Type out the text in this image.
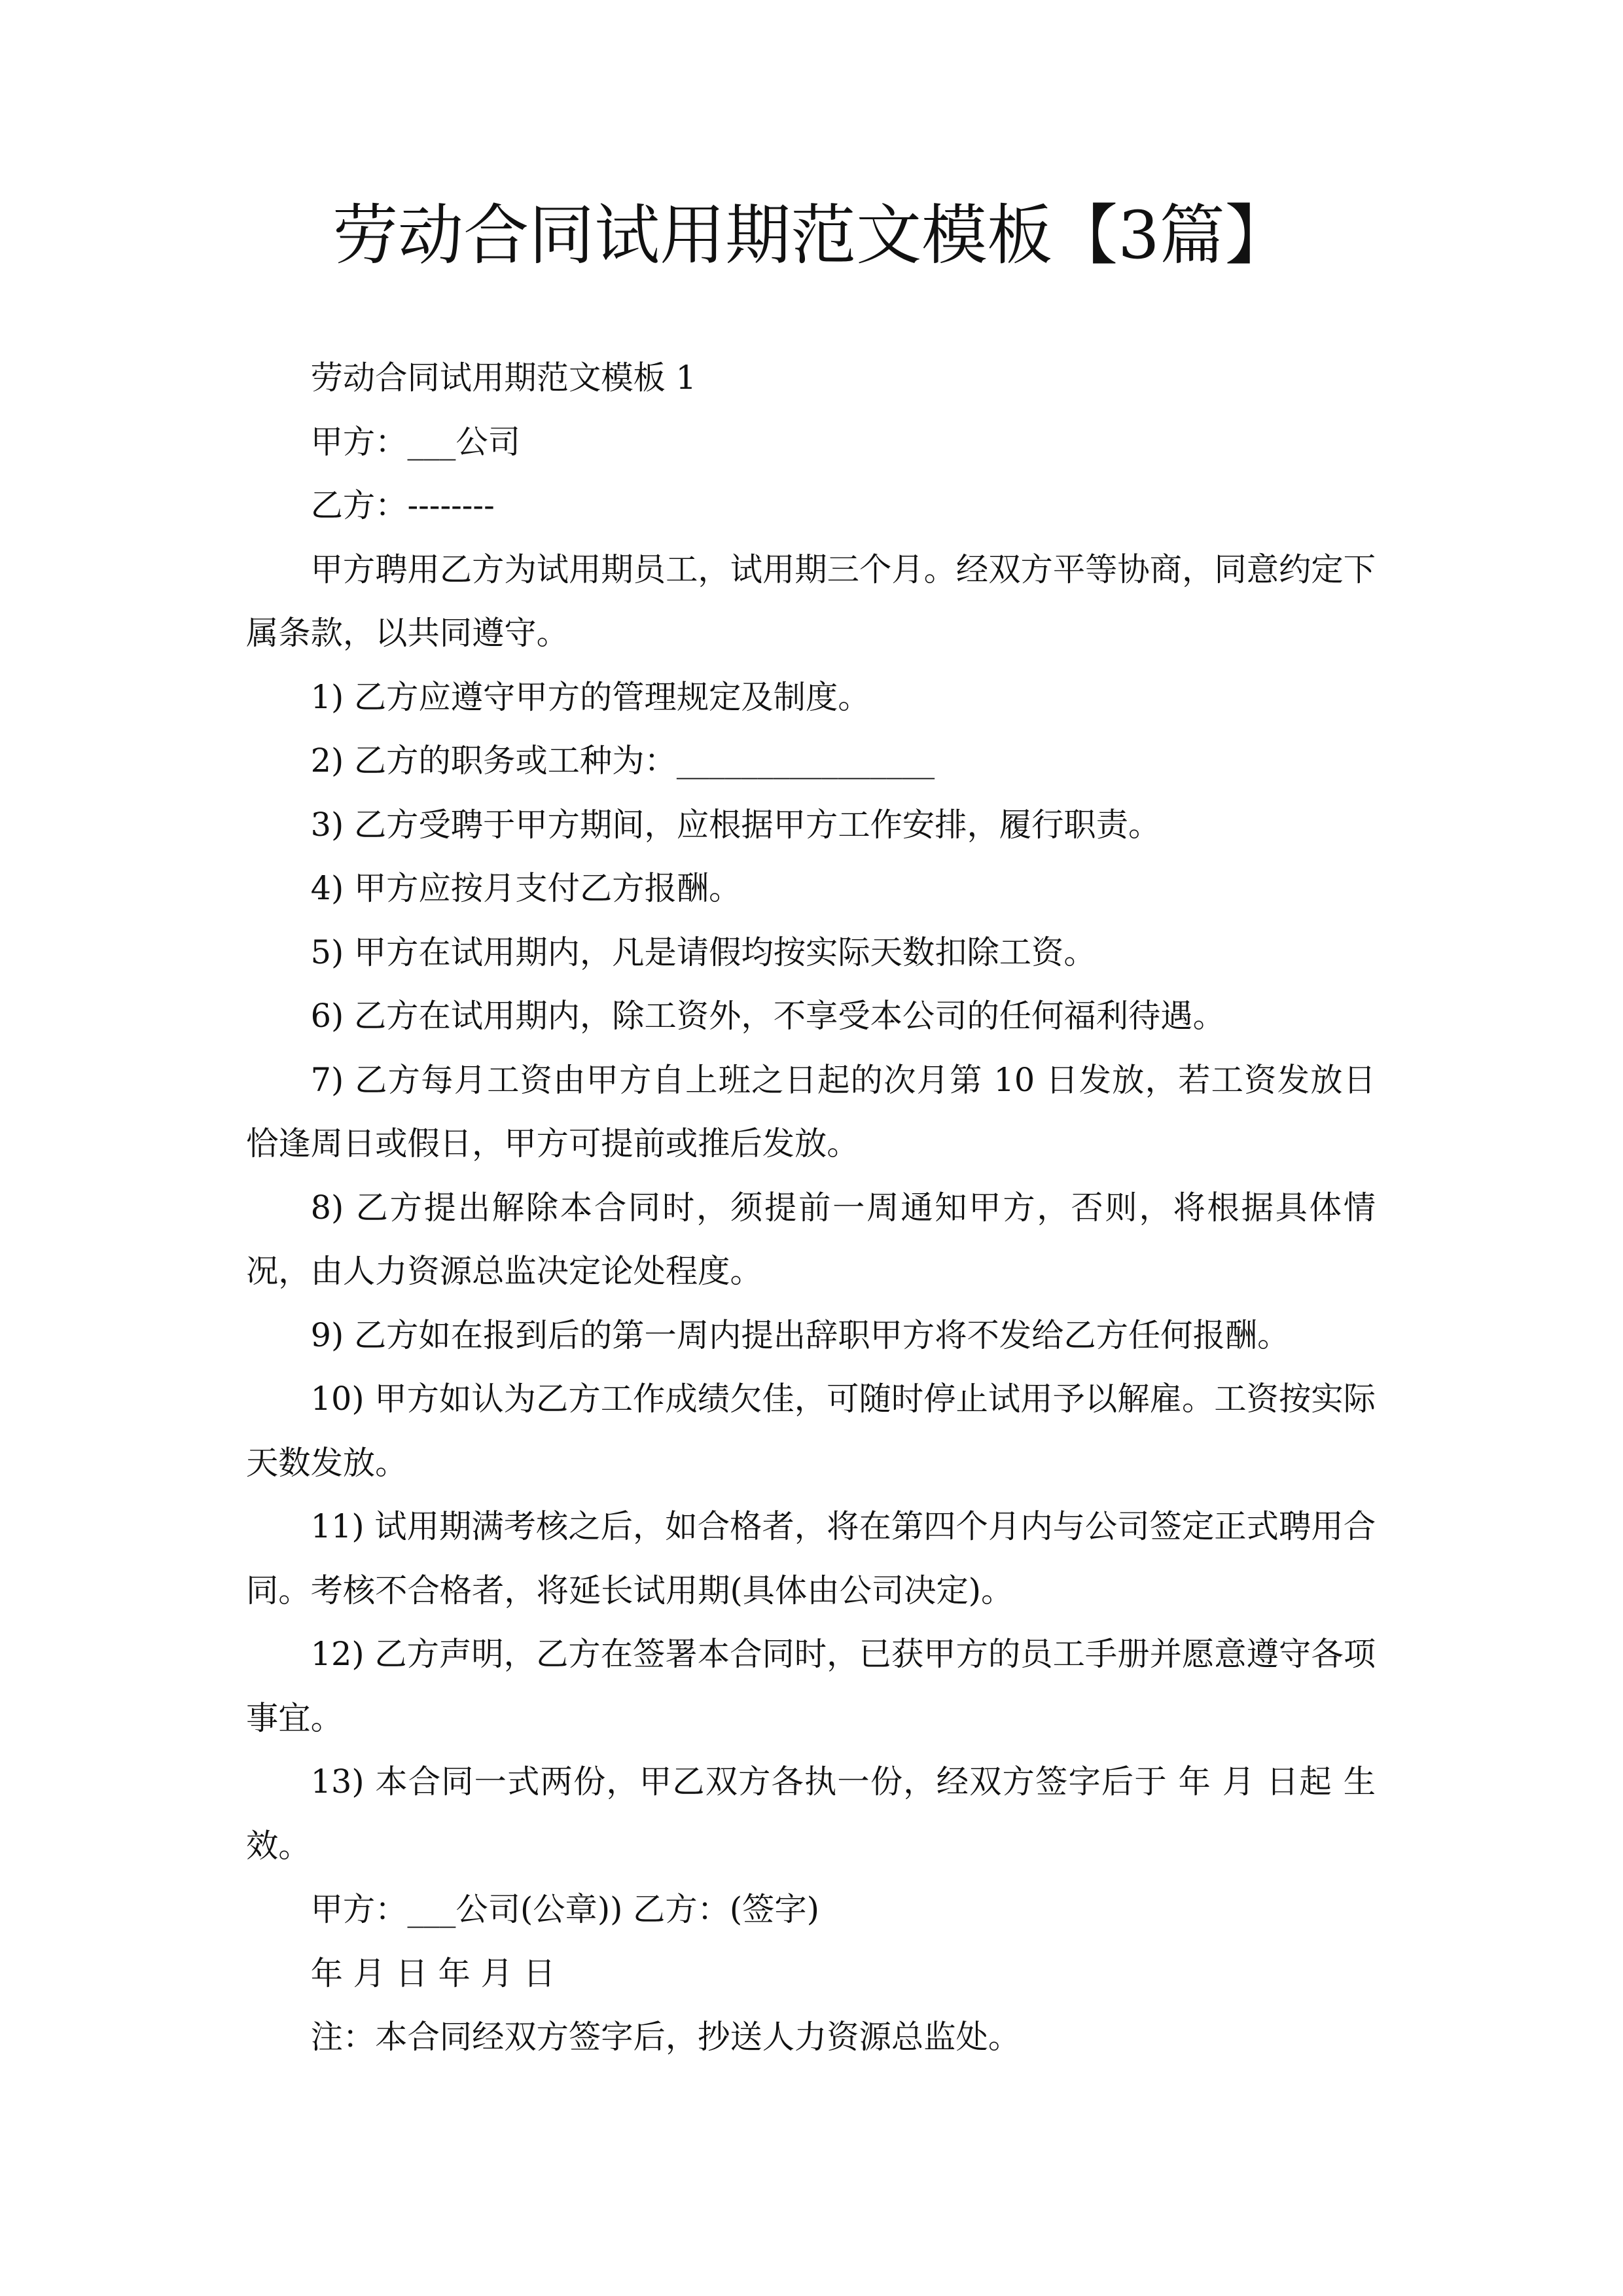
劳动合同试用期范文模板【3篇】

劳动合同试用期范文模板 1

甲方：___公司

乙方：--------

甲方聘用乙方为试用期员工，试用期三个月。经双方平等协商，同意约定下属条款，以共同遵守。

1) 乙方应遵守甲方的管理规定及制度。

2) 乙方的职务或工种为：________________

3) 乙方受聘于甲方期间，应根据甲方工作安排，履行职责。

4) 甲方应按月支付乙方报酬。

5) 甲方在试用期内，凡是请假均按实际天数扣除工资。

6) 乙方在试用期内，除工资外，不享受本公司的任何福利待遇。

7) 乙方每月工资由甲方自上班之日起的次月第 10 日发放，若工资发放日恰逢周日或假日，甲方可提前或推后发放。

8) 乙方提出解除本合同时，须提前一周通知甲方，否则，将根据具体情况，由人力资源总监决定论处程度。

9) 乙方如在报到后的第一周内提出辞职甲方将不发给乙方任何报酬。

10) 甲方如认为乙方工作成绩欠佳，可随时停止试用予以解雇。工资按实际天数发放。

11) 试用期满考核之后，如合格者，将在第四个月内与公司签定正式聘用合同。考核不合格者，将延长试用期(具体由公司决定)。

12) 乙方声明，乙方在签署本合同时，已获甲方的员工手册并愿意遵守各项事宜。

13) 本合同一式两份，甲乙双方各执一份，经双方签字后于 年 月 日起 生效。

甲方：___公司(公章)) 乙方：(签字)

年 月 日 年 月 日

注：本合同经双方签字后，抄送人力资源总监处。
